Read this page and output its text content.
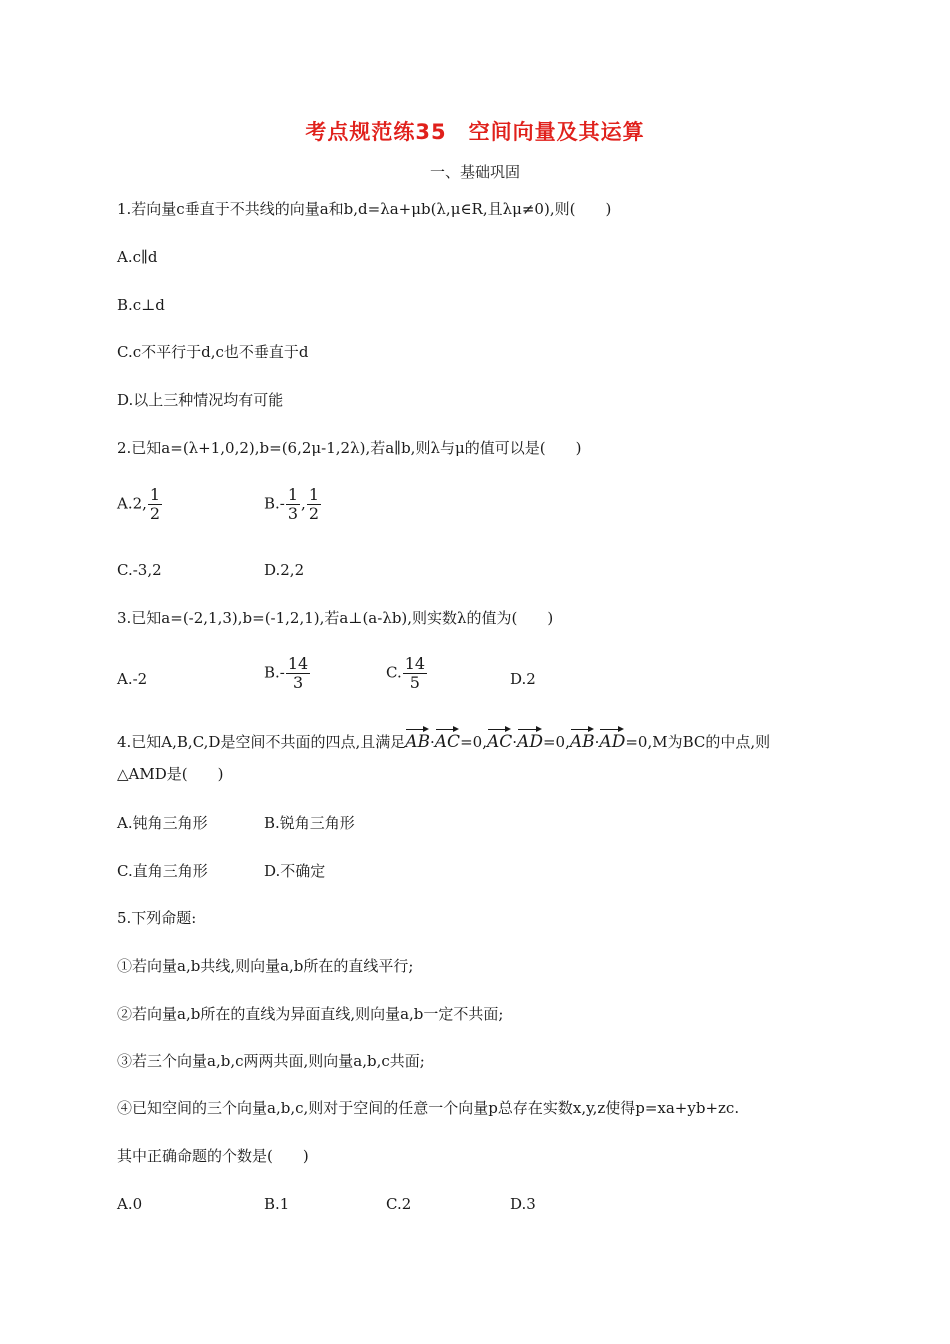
考点规范练35　空间向量及其运算
一、基础巩固
1.若向量c垂直于不共线的向量a和b,d=λa+μb(λ,μ∈R,且λμ≠0),则(　　)
A.c∥d
B.c⊥d
C.c不平行于d,c也不垂直于d
D.以上三种情况均有可能
2.已知a=(λ+1,0,2),b=(6,2μ-1,2λ),若a∥b,则λ与μ的值可以是(　　)
A.2, $\frac{1}{2}$	$B.- \frac{1}{3}$ , $\frac{1}{2}$
C.-3,2	D.2,2
3.已知a=(-2,1,3),b=(-1,2,1),若a⊥(a-λb),则实数λ的值为(　　)
A.-2	$B.- \frac{14}{3}$	C. $\frac{14}{5}$	D.2
4.已知A,B,C,D是空间不共面的四点,且满足AB·AC=0,AC·AD=0,AB·AD=0,M为BC的中点,则
△AMD是(　　)
A.钝角三角形	B.锐角三角形
C.直角三角形	D.不确定
5.下列命题:
①若向量a,b共线,则向量a,b所在的直线平行;
②若向量a,b所在的直线为异面直线,则向量a,b一定不共面;
③若三个向量a,b,c两两共面,则向量a,b,c共面;
④已知空间的三个向量a,b,c,则对于空间的任意一个向量p总存在实数x,y,z使得p=xa+yb+zc.
其中正确命题的个数是(　　)
A.0	B.1	C.2	D.3
